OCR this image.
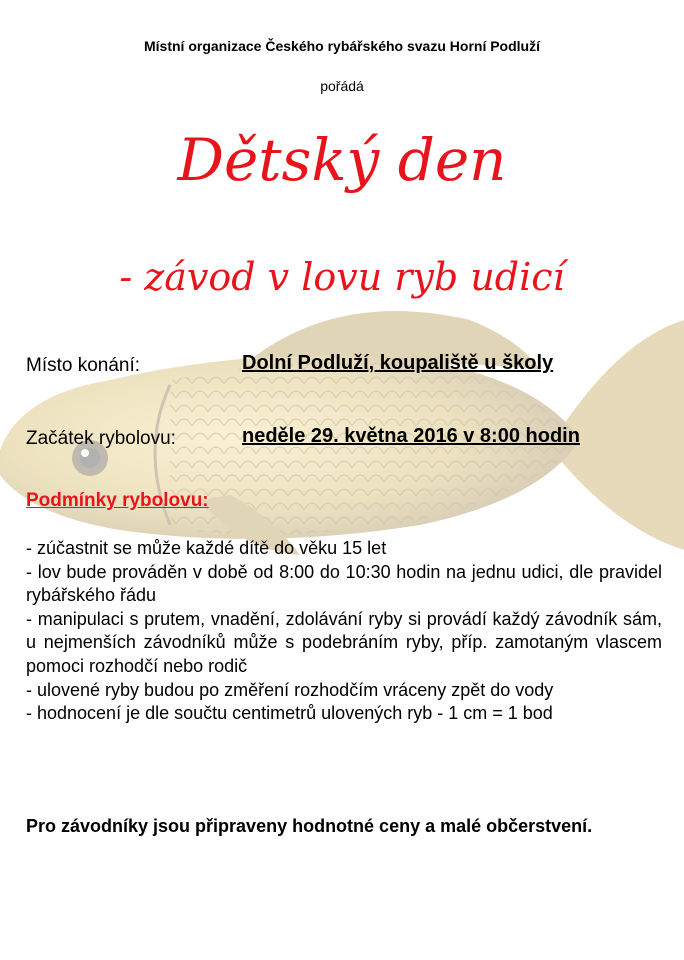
Místní organizace Českého rybářského svazu Horní Podluží

pořádá

Dětský den
- závod v lovu ryb udicí
Místo konání:	Dolní Podluží, koupaliště u školy
Začátek rybolovu:	neděle 29. května 2016 v 8:00 hodin
Podmínky rybolovu:

- zúčastnit se může každé dítě do věku 15 let

- lov bude prováděn v době od 8:00 do 10:30 hodin na jednu udici, dle pravidel rybářského řádu

- manipulaci s prutem, vnadění, zdolávání ryby si provádí každý závodník sám, u nejmenších závodníků může s podebráním ryby, příp. zamotaným vlascem pomoci rozhodčí nebo rodič

- ulovené ryby budou po změření rozhodčím vráceny zpět do vody

- hodnocení je dle součtu centimetrů ulovených ryb - 1 cm = 1 bod

Pro závodníky jsou připraveny hodnotné ceny a malé občerstvení.
